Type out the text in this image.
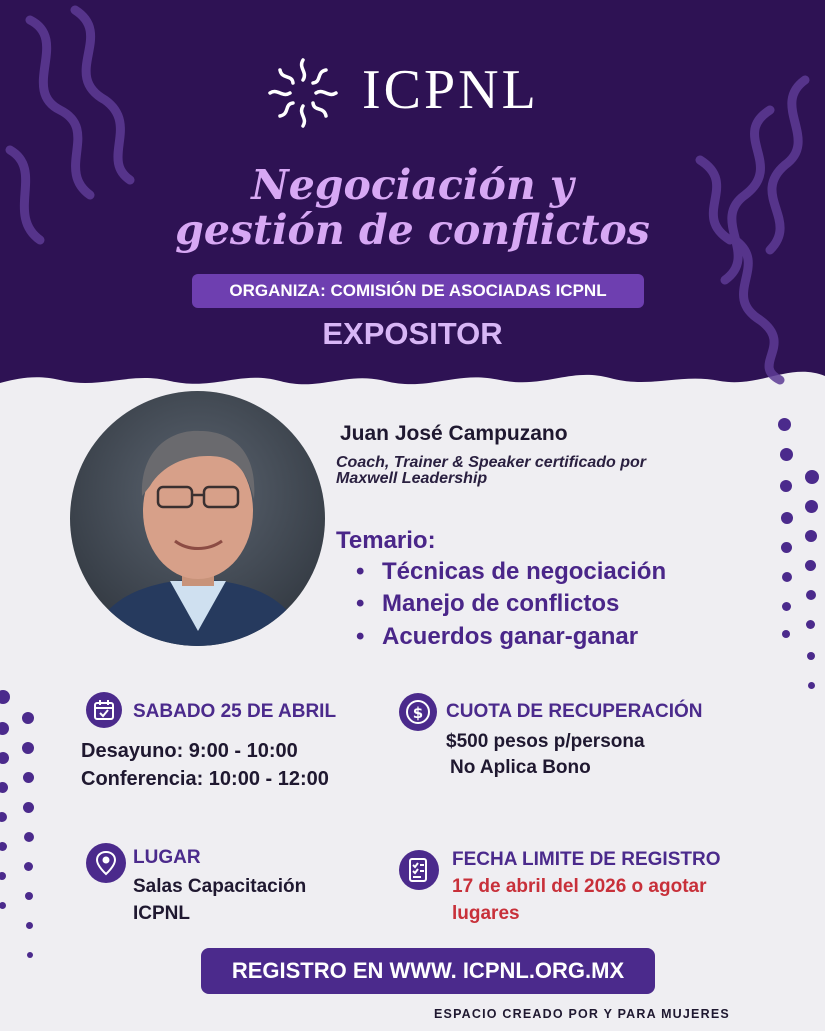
ICPNL
Negociación y
gestión de conflictos
ORGANIZA: COMISIÓN DE ASOCIADAS ICPNL
EXPOSITOR
Juan José Campuzano
Coach, Trainer & Speaker certificado por
Maxwell Leadership
Temario:
• Técnicas de negociación
• Manejo de conflictos
• Acuerdos ganar-ganar
SABADO 25 DE ABRIL
Desayuno: 9:00 - 10:00
Conferencia: 10:00 - 12:00
$ CUOTA DE RECUPERACIÓN
$500 pesos p/persona
No Aplica Bono
LUGAR
Salas Capacitación
ICPNL
FECHA LIMITE DE REGISTRO
17 de abril del 2026 o agotar
lugares
REGISTRO EN WWW. ICPNL.ORG.MX
ESPACIO CREADO POR Y PARA MUJERES
